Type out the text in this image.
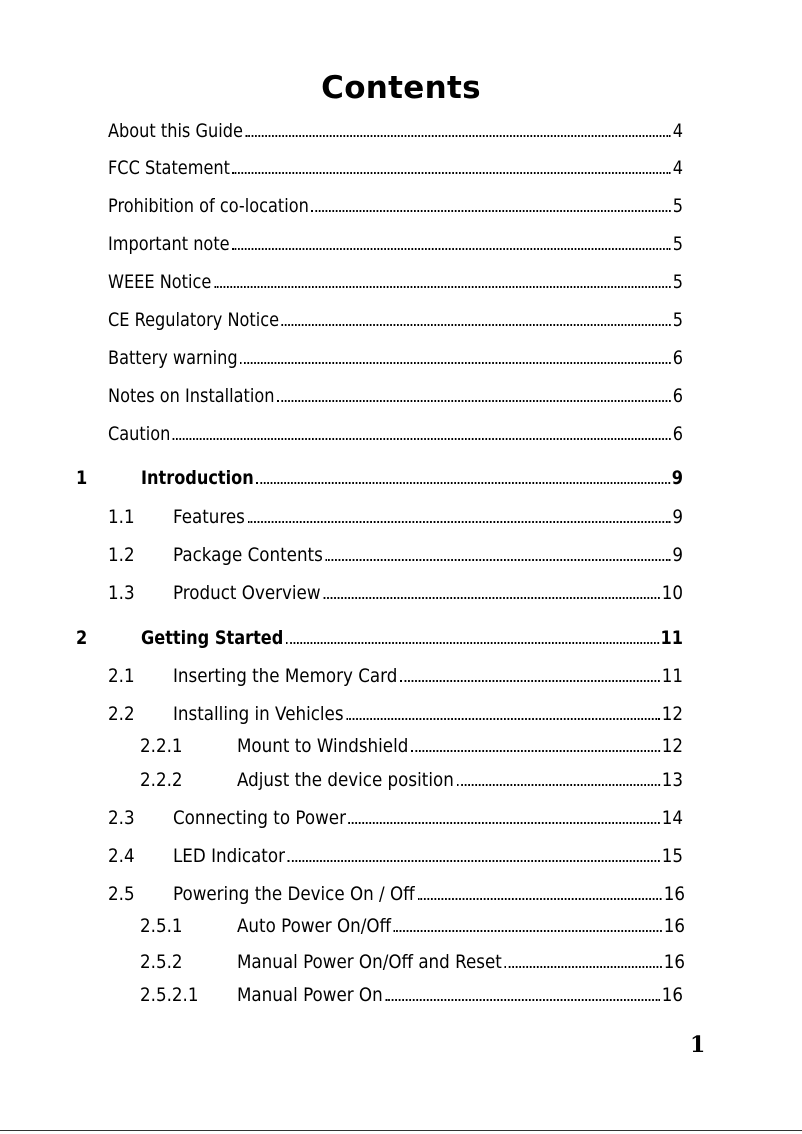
Contents
About this Guide	4
FCC Statement	4
Prohibition of co-location	5
Important note	5
WEEE Notice	5
CE Regulatory Notice	5
Battery warning	6
Notes on Installation	6
Caution	6
1	Introduction	9
1.1	Features	9
1.2	Package Contents	9
1.3	Product Overview	10
2	Getting Started	11
2.1	Inserting the Memory Card	11
2.2	Installing in Vehicles	12
2.2.1	Mount to Windshield	12
2.2.2	Adjust the device position	13
2.3	Connecting to Power	14
2.4	LED Indicator	15
2.5	Powering the Device On / Off	16
2.5.1	Auto Power On/Off	16
2.5.2	Manual Power On/Off and Reset	16
2.5.2.1	Manual Power On	16
1
